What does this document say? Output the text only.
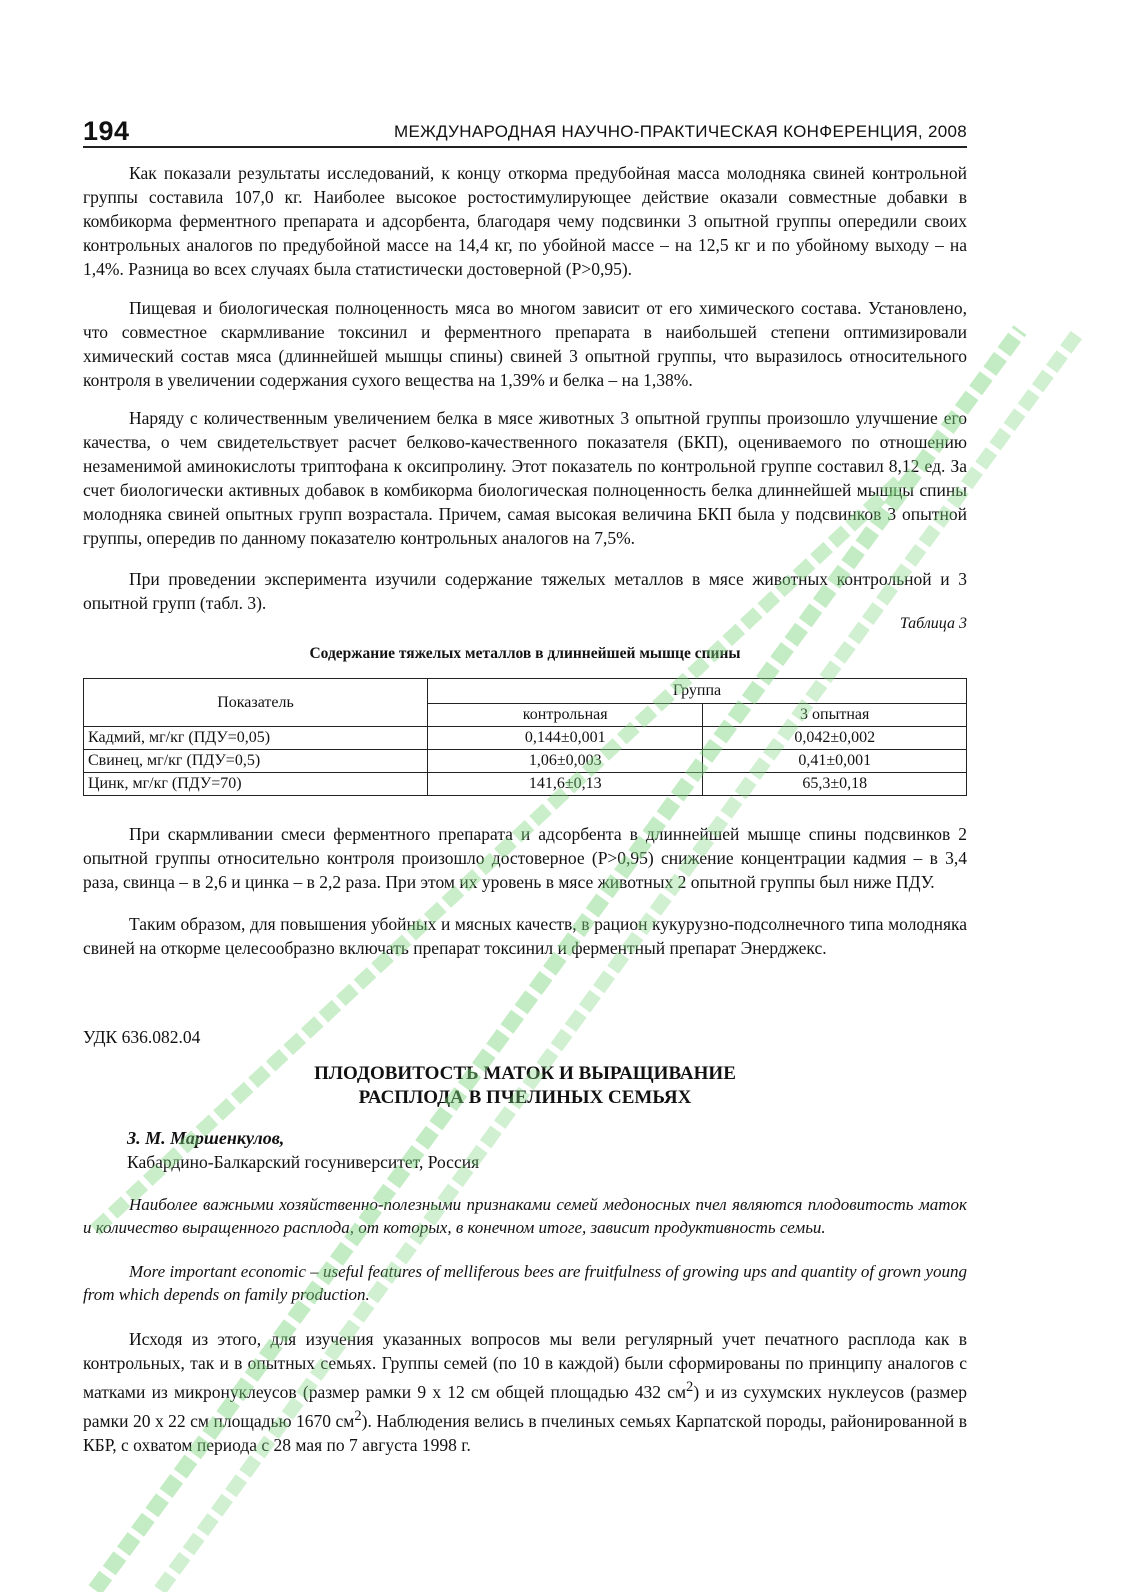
194	МЕЖДУНАРОДНАЯ НАУЧНО-ПРАКТИЧЕСКАЯ КОНФЕРЕНЦИЯ, 2008

Как показали результаты исследований, к концу откорма предубойная масса молодняка свиней контрольной группы составила 107,0 кг. Наиболее высокое ростостимулирующее действие оказали совместные добавки в комбикорма ферментного препарата и адсорбента, благодаря чему подсвинки 3 опытной группы опередили своих контрольных аналогов по предубойной массе на 14,4 кг, по убойной массе – на 12,5 кг и по убойному выходу – на 1,4%. Разница во всех случаях была статистически достоверной (P>0,95).

Пищевая и биологическая полноценность мяса во многом зависит от его химического состава. Установлено, что совместное скармливание токсинил и ферментного препарата в наибольшей степени оптимизировали химический состав мяса (длиннейшей мышцы спины) свиней 3 опытной группы, что выразилось относительного контроля в увеличении содержания сухого вещества на 1,39% и белка – на 1,38%.

Наряду с количественным увеличением белка в мясе животных 3 опытной группы произошло улучшение его качества, о чем свидетельствует расчет белково-качественного показателя (БКП), оцениваемого по отношению незаменимой аминокислоты триптофана к оксипролину. Этот показатель по контрольной группе составил 8,12 ед. За счет биологически активных добавок в комбикорма биологическая полноценность белка длиннейшей мышцы спины молодняка свиней опытных групп возрастала. Причем, самая высокая величина БКП была у подсвинков 3 опытной группы, опередив по данному показателю контрольных аналогов на 7,5%.

При проведении эксперимента изучили содержание тяжелых металлов в мясе животных контрольной и 3 опытной групп (табл. 3).

Таблица 3
Содержание тяжелых металлов в длиннейшей мышце спины
Показатель	Группа	
	контрольная	3 опытная
Кадмий, мг/кг (ПДУ=0,05)	0,144±0,001	0,042±0,002
Свинец, мг/кг (ПДУ=0,5)	1,06±0,003	0,41±0,001
Цинк, мг/кг (ПДУ=70)	141,6±0,13	65,3±0,18

При скармливании смеси ферментного препарата и адсорбента в длиннейшей мышце спины подсвинков 2 опытной группы относительно контроля произошло достоверное (P>0,95) снижение концентрации кадмия – в 3,4 раза, свинца – в 2,6 и цинка – в 2,2 раза. При этом их уровень в мясе животных 2 опытной группы был ниже ПДУ.

Таким образом, для повышения убойных и мясных качеств, в рацион кукурузно-подсолнечного типа молодняка свиней на откорме целесообразно включать препарат токсинил и ферментный препарат Энерджекс.

УДК 636.082.04
ПЛОДОВИТОСТЬ МАТОК И ВЫРАЩИВАНИЕ
РАСПЛОДА В ПЧЕЛИНЫХ СЕМЬЯХ
З. М. Маршенкулов,
Кабардино-Балкарский госуниверситет, Россия

Наиболее важными хозяйственно-полезными признаками семей медоносных пчел являются плодовитость маток и количество выращенного расплода, от которых, в конечном итоге, зависит продуктивность семьи.

More important economic – useful features of melliferous bees are fruitfulness of growing ups and quantity of grown young from which depends on family production.

Исходя из этого, для изучения указанных вопросов мы вели регулярный учет печатного расплода как в контрольных, так и в опытных семьях. Группы семей (по 10 в каждой) были сформированы по принципу аналогов с матками из микронуклеусов (размер рамки 9 х 12 см общей площадью 432 $см^2$) и из сухумских нуклеусов (размер рамки 20 х 22 см площадью 1670 $см^2$). Наблюдения велись в пчелиных семьях Карпатской породы, районированной в КБР, с охватом периода с 28 мая по 7 августа 1998 г.
